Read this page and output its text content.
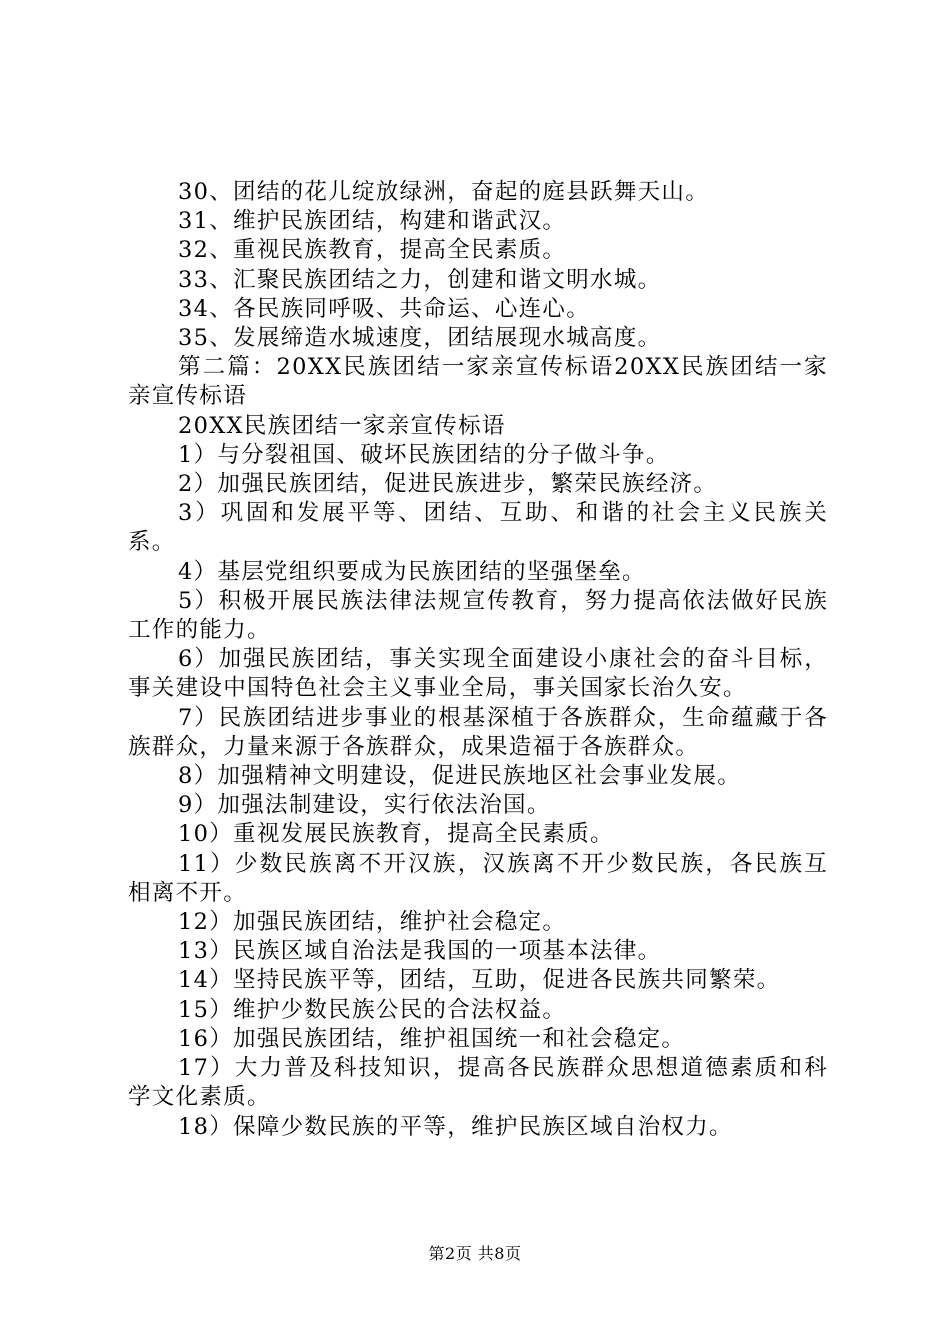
30、团结的花儿绽放绿洲，奋起的庭县跃舞天山。

31、维护民族团结，构建和谐武汉。

32、重视民族教育，提高全民素质。

33、汇聚民族团结之力，创建和谐文明水城。

34、各民族同呼吸、共命运、心连心。

35、发展缔造水城速度，团结展现水城高度。

第二篇：20XX民族团结一家亲宣传标语20XX民族团结一家亲宣传标语

20XX民族团结一家亲宣传标语

1）与分裂祖国、破坏民族团结的分子做斗争。

2）加强民族团结，促进民族进步，繁荣民族经济。

3）巩固和发展平等、团结、互助、和谐的社会主义民族关系。

4）基层党组织要成为民族团结的坚强堡垒。

5）积极开展民族法律法规宣传教育，努力提高依法做好民族工作的能力。

6）加强民族团结，事关实现全面建设小康社会的奋斗目标，事关建设中国特色社会主义事业全局，事关国家长治久安。

7）民族团结进步事业的根基深植于各族群众，生命蕴藏于各族群众，力量来源于各族群众，成果造福于各族群众。

8）加强精神文明建设，促进民族地区社会事业发展。

9）加强法制建设，实行依法治国。

10）重视发展民族教育，提高全民素质。

11）少数民族离不开汉族，汉族离不开少数民族，各民族互相离不开。

12）加强民族团结，维护社会稳定。

13）民族区域自治法是我国的一项基本法律。

14）坚持民族平等，团结，互助，促进各民族共同繁荣。

15）维护少数民族公民的合法权益。

16）加强民族团结，维护祖国统一和社会稳定。

17）大力普及科技知识，提高各民族群众思想道德素质和科学文化素质。

18）保障少数民族的平等，维护民族区域自治权力。

第2页 共8页
